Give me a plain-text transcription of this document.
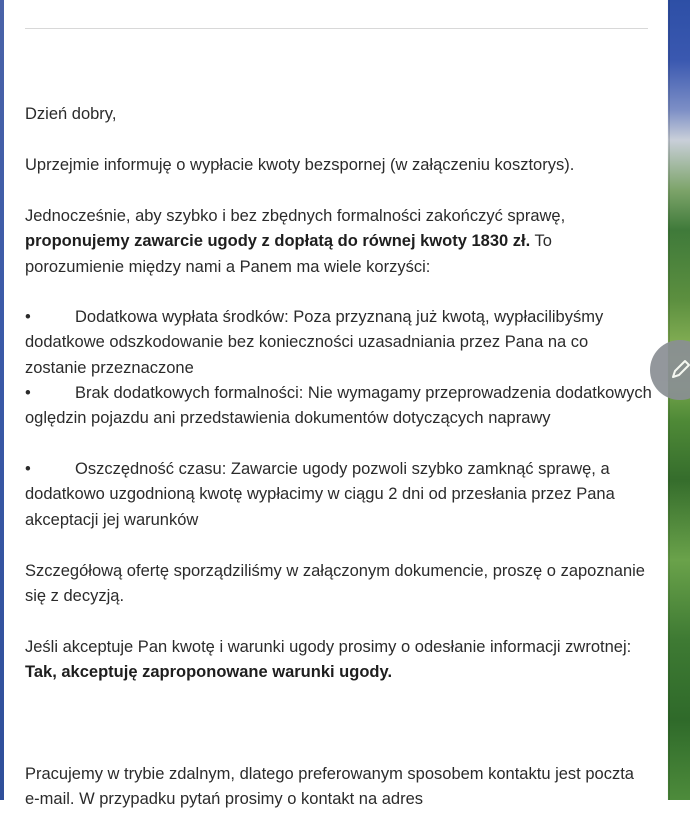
Dzień dobry,

Uprzejmie informuję o wypłacie kwoty bezspornej (w załączeniu kosztorys).

Jednocześnie, aby szybko i bez zbędnych formalności zakończyć sprawę, proponujemy zawarcie ugody z dopłatą do równej kwoty 1830 zł. To porozumienie między nami a Panem ma wiele korzyści:

•	Dodatkowa wypłata środków: Poza przyznaną już kwotą, wypłacilibyśmy dodatkowe odszkodowanie bez konieczności uzasadniania przez Pana na co zostanie przeznaczone

•	Brak dodatkowych formalności: Nie wymagamy przeprowadzenia dodatkowych oględzin pojazdu ani przedstawienia dokumentów dotyczących naprawy

•	Oszczędność czasu: Zawarcie ugody pozwoli szybko zamknąć sprawę, a dodatkowo uzgodnioną kwotę wypłacimy w ciągu 2 dni od przesłania przez Pana akceptacji jej warunków

Szczegółową ofertę sporządziliśmy w załączonym dokumencie, proszę o zapoznanie się z decyzją.

Jeśli akceptuje Pan kwotę i warunki ugody prosimy o odesłanie informacji zwrotnej:

Tak, akceptuję zaproponowane warunki ugody.

Pracujemy w trybie zdalnym, dlatego preferowanym sposobem kontaktu jest poczta e-mail. W przypadku pytań prosimy o kontakt na adres
